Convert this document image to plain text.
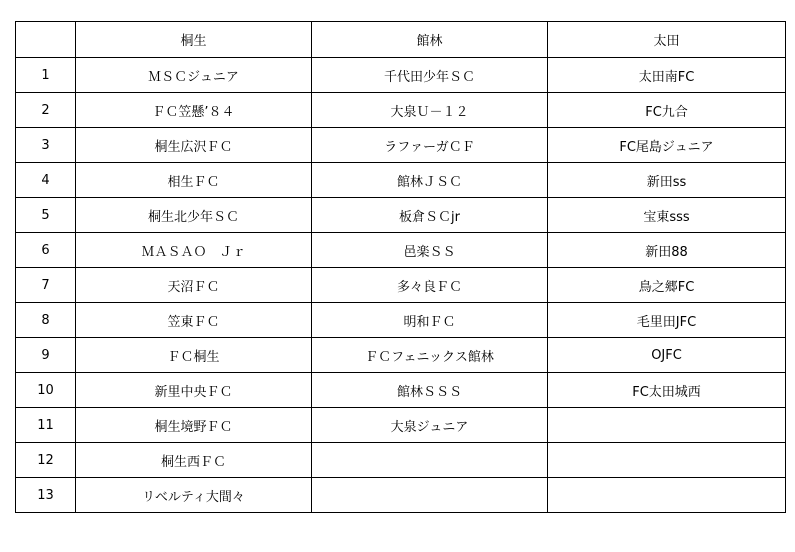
	桐生	館林	太田
1	ＭＳＣジュニア	千代田少年ＳＣ	太田南FC
2	ＦＣ笠懸’８４	大泉Ｕ－１２	FC九合
3	桐生広沢ＦＣ	ラファーガＣＦ	FC尾島ジュニア
4	相生ＦＣ	館林ＪＳＣ	新田ss
5	桐生北少年ＳＣ	板倉ＳＣjr	宝東sss
6	ＭＡＳＡＯ　Ｊｒ	邑楽ＳＳ	新田88
7	天沼ＦＣ	多々良ＦＣ	鳥之郷FC
8	笠東ＦＣ	明和ＦＣ	毛里田JFC
9	ＦＣ桐生	ＦＣフェニックス館林	OJFC
10	新里中央ＦＣ	館林ＳＳＳ	FC太田城西
11	桐生境野ＦＣ	大泉ジュニア	
12	桐生西ＦＣ		
13	リベルティ大間々		
